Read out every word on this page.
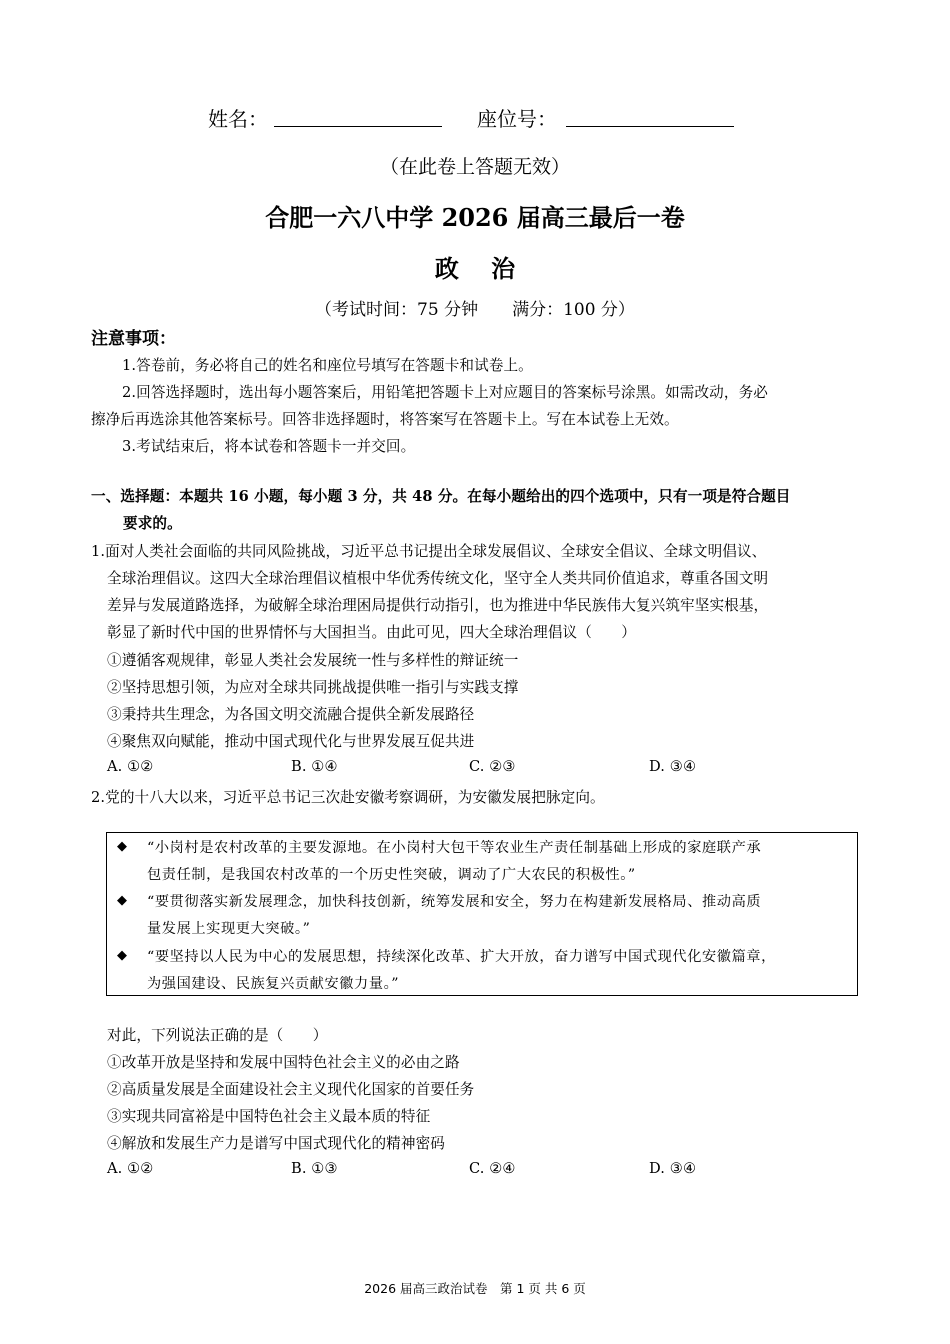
姓名：	座位号：
（在此卷上答题无效）
合肥一六八中学 2026 届高三最后一卷
政　 治
（考试时间：75 分钟　　满分：100 分）
注意事项：
1.答卷前，务必将自己的姓名和座位号填写在答题卡和试卷上。
2.回答选择题时，选出每小题答案后，用铅笔把答题卡上对应题目的答案标号涂黑。如需改动，务必
擦净后再选涂其他答案标号。回答非选择题时，将答案写在答题卡上。写在本试卷上无效。
3.考试结束后，将本试卷和答题卡一并交回。
一、选择题：本题共 16 小题，每小题 3 分，共 48 分。在每小题给出的四个选项中，只有一项是符合题目
要求的。
1.面对人类社会面临的共同风险挑战，习近平总书记提出全球发展倡议、全球安全倡议、全球文明倡议、
全球治理倡议。这四大全球治理倡议植根中华优秀传统文化，坚守全人类共同价值追求，尊重各国文明
差异与发展道路选择，为破解全球治理困局提供行动指引，也为推进中华民族伟大复兴筑牢坚实根基，
彰显了新时代中国的世界情怀与大国担当。由此可见，四大全球治理倡议（　　）
①遵循客观规律，彰显人类社会发展统一性与多样性的辩证统一
②坚持思想引领，为应对全球共同挑战提供唯一指引与实践支撑
③秉持共生理念，为各国文明交流融合提供全新发展路径
④聚焦双向赋能，推动中国式现代化与世界发展互促共进
A. ①②	B. ①④	C. ②③	D. ③④
2.党的十八大以来，习近平总书记三次赴安徽考察调研，为安徽发展把脉定向。
◆ “小岗村是农村改革的主要发源地。在小岗村大包干等农业生产责任制基础上形成的家庭联产承
包责任制，是我国农村改革的一个历史性突破，调动了广大农民的积极性。”
◆ “要贯彻落实新发展理念，加快科技创新，统筹发展和安全，努力在构建新发展格局、推动高质
量发展上实现更大突破。”
◆ “要坚持以人民为中心的发展思想，持续深化改革、扩大开放，奋力谱写中国式现代化安徽篇章，
为强国建设、民族复兴贡献安徽力量。”
对此，下列说法正确的是（　　）
①改革开放是坚持和发展中国特色社会主义的必由之路
②高质量发展是全面建设社会主义现代化国家的首要任务
③实现共同富裕是中国特色社会主义最本质的特征
④解放和发展生产力是谱写中国式现代化的精神密码
A. ①②	B. ①③	C. ②④	D. ③④
2026 届高三政治试卷　第 1 页 共 6 页
